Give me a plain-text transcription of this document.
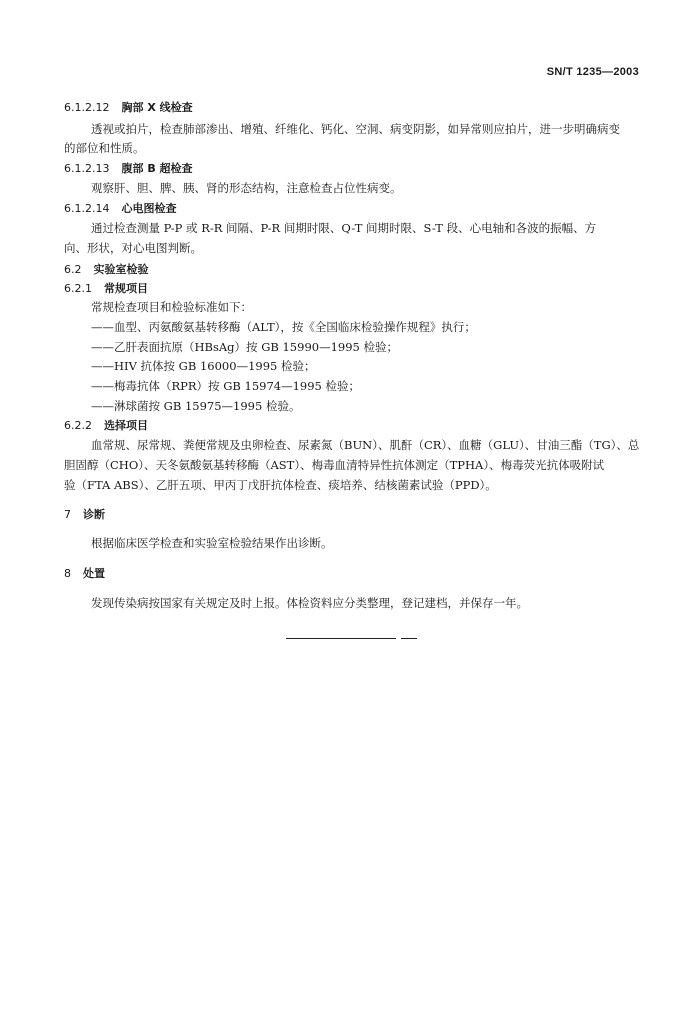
SN/T 1235—2003
6.1.2.12 胸部 X 线检查
透视或拍片，检查肺部渗出、增殖、纤维化、钙化、空洞、病变阴影，如异常则应拍片，进一步明确病变
的部位和性质。
6.1.2.13 腹部 B 超检查
观察肝、胆、脾、胰、肾的形态结构，注意检查占位性病变。
6.1.2.14 心电图检查
通过检查测量 P-P 或 R-R 间隔、P-R 间期时限、Q-T 间期时限、S-T 段、心电轴和各波的振幅、方
向、形状，对心电图判断。
6.2 实验室检验
6.2.1 常规项目
常规检查项目和检验标准如下：
——血型、丙氨酸氨基转移酶（ALT），按《全国临床检验操作规程》执行；
——乙肝表面抗原（HBsAg）按 GB 15990—1995 检验；
——HIV 抗体按 GB 16000—1995 检验；
——梅毒抗体（RPR）按 GB 15974—1995 检验；
——淋球菌按 GB 15975—1995 检验。
6.2.2 选择项目
血常规、尿常规、粪便常规及虫卵检查、尿素氮（BUN）、肌酐（CR）、血糖（GLU）、甘油三酯（TG）、总
胆固醇（CHO）、天冬氨酸氨基转移酶（AST）、梅毒血清特异性抗体测定（TPHA）、梅毒荧光抗体吸附试
验（FTA ABS）、乙肝五项、甲丙丁戊肝抗体检查、痰培养、结核菌素试验（PPD）。
7 诊断
根据临床医学检查和实验室检验结果作出诊断。
8 处置
发现传染病按国家有关规定及时上报。体检资料应分类整理，登记建档，并保存一年。
